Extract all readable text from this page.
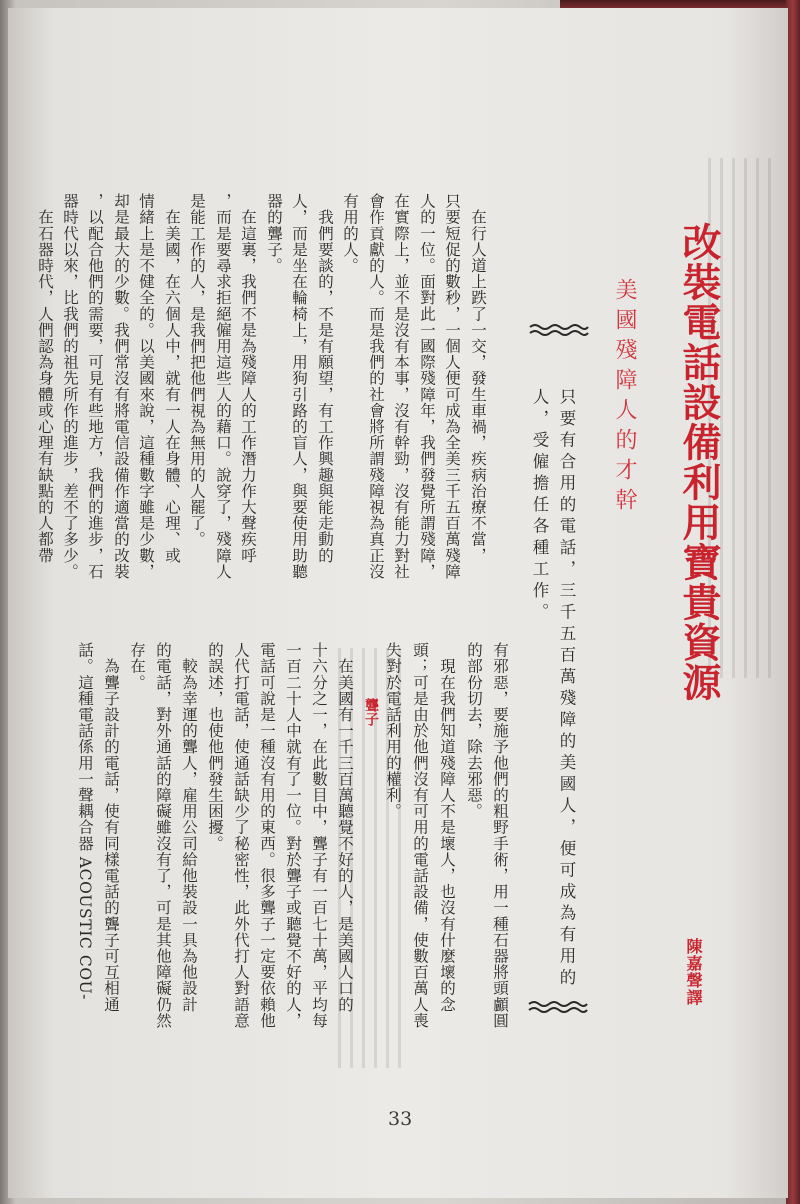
改裝電話設備利用寶貴資源
美國殘障人的才幹
只要有合用的電話，三千五百萬殘障的美國人，便可成為有用的
人，受僱擔任各種工作。
陳嘉聲譯
有邪惡，要施予他們的粗野手術，用一種石器將頭顱圓
的部份切去，除去邪惡。
　現在我們知道殘障人不是壞人，也沒有什麼壞的念
頭；可是由於他們沒有可用的電話設備，使數百萬人喪
失對於電話利用的權利。
　在行人道上跌了一交，發生車禍，疾病治療不當，
只要短促的數秒，一個人便可成為全美三千五百萬殘障
人的一位。面對此一國際殘障年，我們發覺所謂殘障，
在實際上，並不是沒有本事，沒有幹勁，沒有能力對社
會作貢獻的人。而是我們的社會將所謂殘障視為真正沒
有用的人。
　我們要談的，不是有願望，有工作興趣與能走動的
人，而是坐在輪椅上，用狗引路的盲人，與要使用助聽
器的聾子。
　在這裏，我們不是為殘障人的工作潛力作大聲疾呼
，而是要尋求拒絕僱用這些人的藉口。說穿了，殘障人
是能工作的人，是我們把他們視為無用的人罷了。
　在美國，在六個人中，就有一人在身體、心理、或
情緒上是不健全的。以美國來說，這種數字雖是少數，
却是最大的少數。我們常沒有將電信設備作適當的改裝
，以配合他們的需要，可見有些地方，我們的進步，石
器時代以來，比我們的祖先所作的進步，差不了多少。
　在石器時代，人們認為身體或心理有缺點的人都帶
聾子
　在美國有一千三百萬聽覺不好的人，是美國人口的
十六分之一，在此數目中，聾子有一百七十萬，平均每
一百二十人中就有了一位。對於聾子或聽覺不好的人，
電話可說是一種沒有用的東西。很多聾子一定要依賴他
人代打電話，使通話缺少了秘密性，此外代打人對語意
的誤述，也使他們發生困擾。
　較為幸運的聾人，雇用公司給他裝設一具為他設計
的電話，對外通話的障礙雖沒有了，可是其他障礙仍然
存在。
　為聾子設計的電話，使有同樣電話的聾子可互相通
話。這種電話係用一聲耦合器 ACOUSTIC COU-
33
